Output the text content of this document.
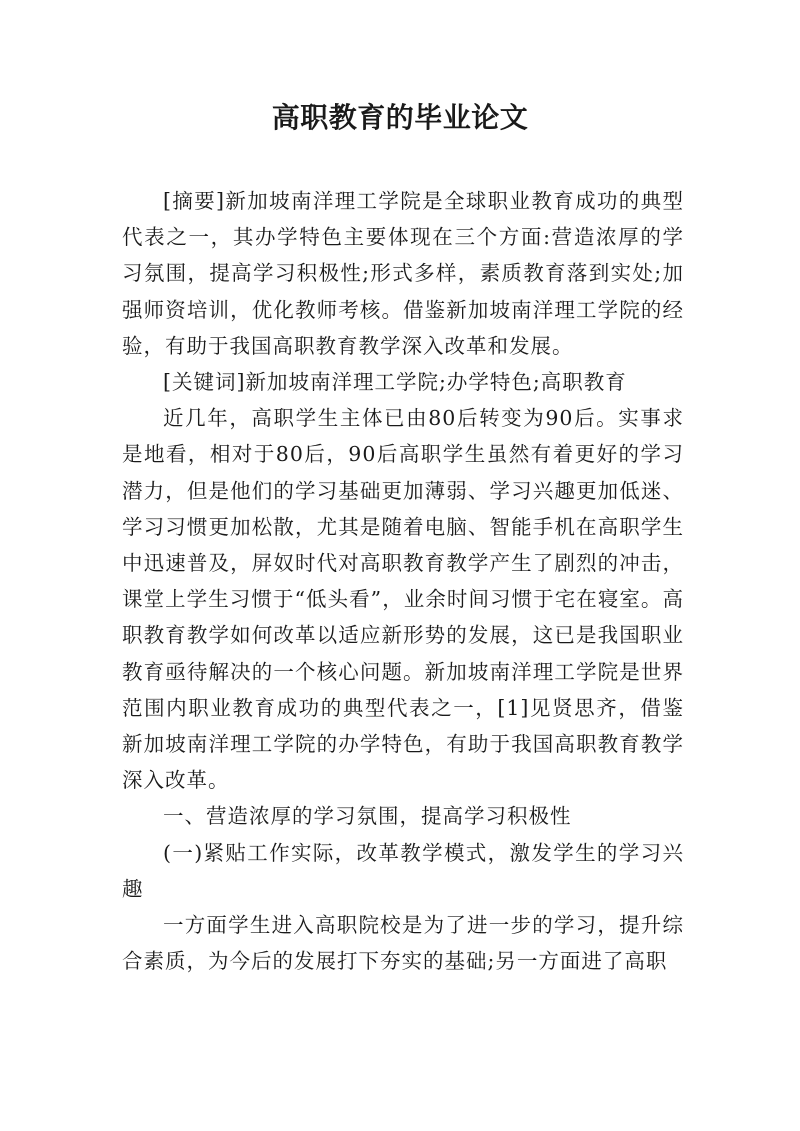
高职教育的毕业论文

[摘要]新加坡南洋理工学院是全球职业教育成功的典型代表之一，其办学特色主要体现在三个方面:营造浓厚的学习氛围，提高学习积极性;形式多样，素质教育落到实处;加强师资培训，优化教师考核。借鉴新加坡南洋理工学院的经验，有助于我国高职教育教学深入改革和发展。

[关键词]新加坡南洋理工学院;办学特色;高职教育

近几年，高职学生主体已由80后转变为90后。实事求是地看，相对于80后，90后高职学生虽然有着更好的学习潜力，但是他们的学习基础更加薄弱、学习兴趣更加低迷、学习习惯更加松散，尤其是随着电脑、智能手机在高职学生中迅速普及，屏奴时代对高职教育教学产生了剧烈的冲击，课堂上学生习惯于“低头看”，业余时间习惯于宅在寝室。高职教育教学如何改革以适应新形势的发展，这已是我国职业教育亟待解决的一个核心问题。新加坡南洋理工学院是世界范围内职业教育成功的典型代表之一，[1]见贤思齐，借鉴新加坡南洋理工学院的办学特色，有助于我国高职教育教学深入改革。

一、营造浓厚的学习氛围，提高学习积极性

(一)紧贴工作实际，改革教学模式，激发学生的学习兴趣

一方面学生进入高职院校是为了进一步的学习，提升综合素质，为今后的发展打下夯实的基础;另一方面进了高职
